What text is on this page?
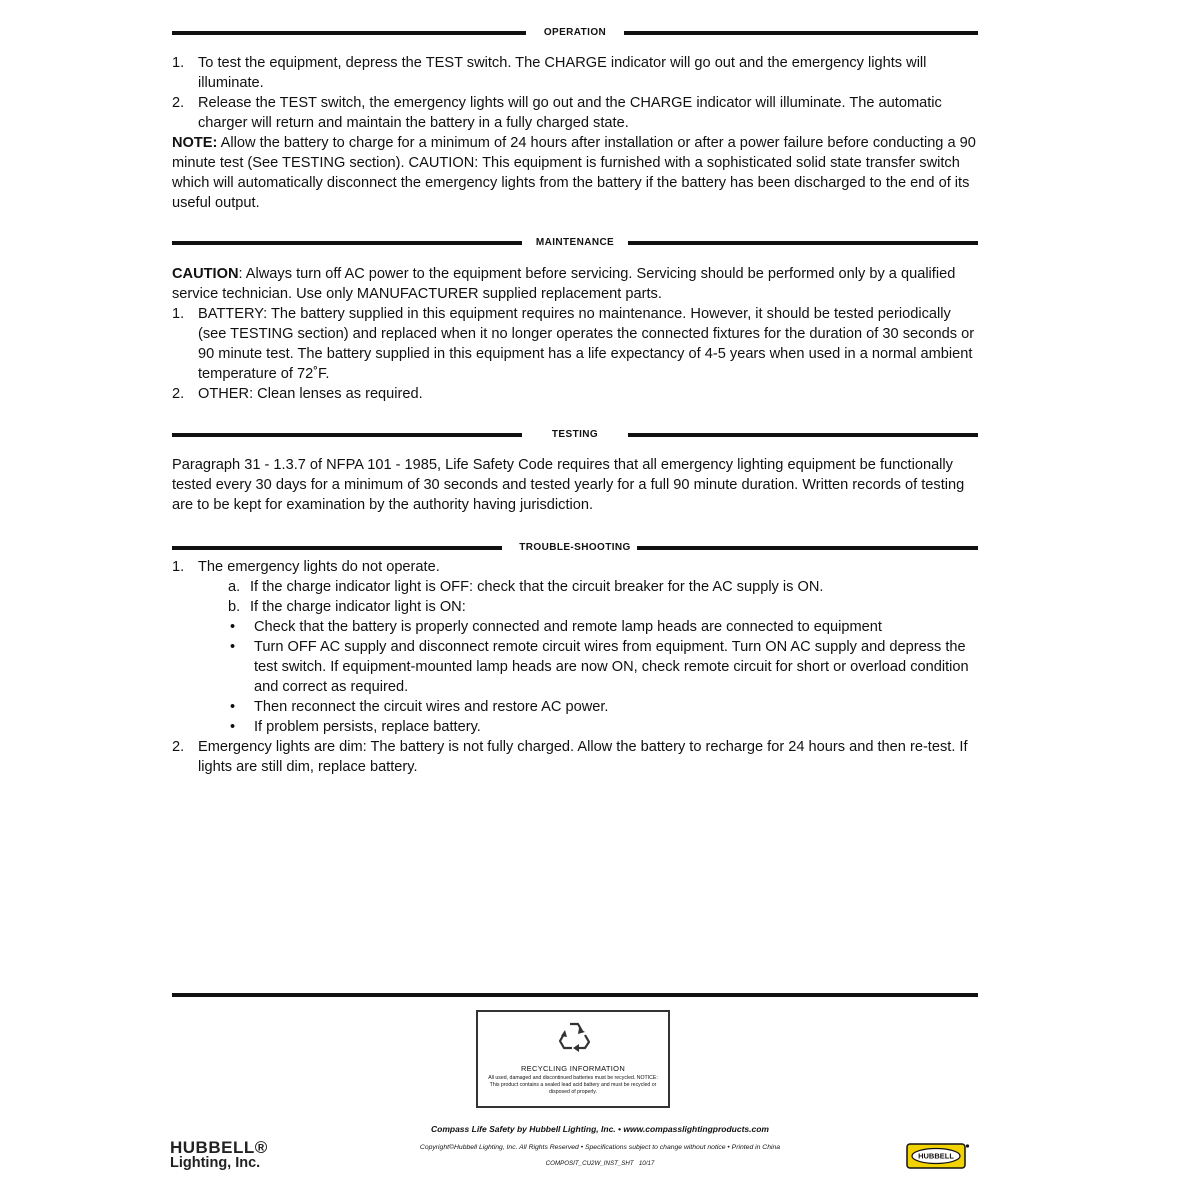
OPERATION
1. To test the equipment, depress the TEST switch. The CHARGE indicator will go out and the emergency lights will illuminate.
2. Release the TEST switch, the emergency lights will go out and the CHARGE indicator will illuminate. The automatic charger will return and maintain the battery in a fully charged state.

NOTE: Allow the battery to charge for a minimum of 24 hours after installation or after a power failure before conducting a 90 minute test (See TESTING section). CAUTION: This equipment is furnished with a sophisticated solid state transfer switch which will automatically disconnect the emergency lights from the battery if the battery has been discharged to the end of its useful output.

MAINTENANCE

CAUTION: Always turn off AC power to the equipment before servicing. Servicing should be performed only by a qualified service technician. Use only MANUFACTURER supplied replacement parts.

1. BATTERY: The battery supplied in this equipment requires no maintenance. However, it should be tested periodically (see TESTING section) and replaced when it no longer operates the connected fixtures for the duration of 30 seconds or 90 minute test. The battery supplied in this equipment has a life expectancy of 4-5 years when used in a normal ambient temperature of 72˚F.
2. OTHER: Clean lenses as required.
TESTING

Paragraph 31 - 1.3.7 of NFPA 101 - 1985, Life Safety Code requires that all emergency lighting equipment be functionally tested every 30 days for a minimum of 30 seconds and tested yearly for a full 90 minute duration. Written records of testing are to be kept for examination by the authority having jurisdiction.

TROUBLE-SHOOTING
1. The emergency lights do not operate.
a. If the charge indicator light is OFF: check that the circuit breaker for the AC supply is ON.
b. If the charge indicator light is ON:
• Check that the battery is properly connected and remote lamp heads are connected to equipment
• Turn OFF AC supply and disconnect remote circuit wires from equipment. Turn ON AC supply and depress the test switch. If equipment-mounted lamp heads are now ON, check remote circuit for short or overload condition and correct as required.
• Then reconnect the circuit wires and restore AC power.
• If problem persists, replace battery.
2. Emergency lights are dim: The battery is not fully charged. Allow the battery to recharge for 24 hours and then re-test. If lights are still dim, replace battery.
RECYCLING INFORMATION
All used, damaged and discontinued batteries must be recycled. NOTICE: This product contains a sealed lead acid battery and must be recycled or disposed of properly.
HUBBELL®
Lighting, Inc.
Compass Life Safety by Hubbell Lighting, Inc. • www.compasslightingproducts.com
Copyright©Hubbell Lighting, Inc. All Rights Reserved • Specifications subject to change without notice • Printed in China
COMPOSIT_CU2W_INST_SHT 10/17
HUBBELL
